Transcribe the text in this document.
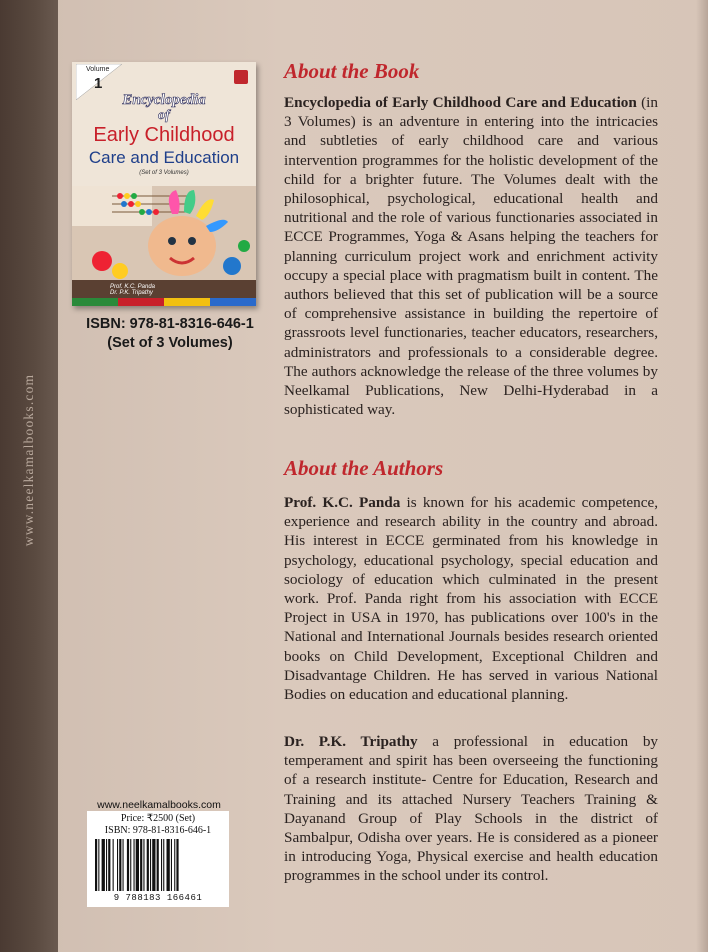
www.neelkamalbooks.com
Volume
1
Encyclopedia
of
Early Childhood
Care and Education
(Set of 3 Volumes)
Prof. K.C. Panda
Dr. P.K. Tripathy
ISBN: 978-81-8316-646-1
(Set of 3 Volumes)
www.neelkamalbooks.com
Price: ₹2500 (Set)
ISBN: 978-81-8316-646-1
9 788183 166461
About the Book

Encyclopedia of Early Childhood Care and Education (in 3 Volumes) is an adventure in entering into the intricacies and subtleties of early childhood care and various intervention programmes for the holistic development of the child for a brighter future. The Volumes dealt with the philosophical, psychological, educational health and nutritional and the role of various functionaries associated in ECCE Programmes, Yoga & Asans helping the teachers for planning curriculum project work and enrichment activity occupy a special place with pragmatism built in content. The authors believed that this set of publication will be a source of comprehensive assistance in building the repertoire of grassroots level functionaries, teacher educators, researchers, administrators and professionals to a considerable degree. The authors acknowledge the release of the three volumes by Neelkamal Publications, New Delhi-Hyderabad in a sophisticated way.

About the Authors

Prof. K.C. Panda is known for his academic competence, experience and research ability in the country and abroad. His interest in ECCE germinated from his knowledge in psychology, educational psychology, special education and sociology of education which culminated in the present work. Prof. Panda right from his association with ECCE Project in USA in 1970, has publications over 100's in the National and International Journals besides research oriented books on Child Development, Exceptional Children and Disadvantage Children. He has served in various National Bodies on education and educational planning.

Dr. P.K. Tripathy a professional in education by temperament and spirit has been overseeing the functioning of a research institute- Centre for Education, Research and Training and its attached Nursery Teachers Training & Dayanand Group of Play Schools in the district of Sambalpur, Odisha over years. He is considered as a pioneer in introducing Yoga, Physical exercise and health education programmes in the school under its control.
